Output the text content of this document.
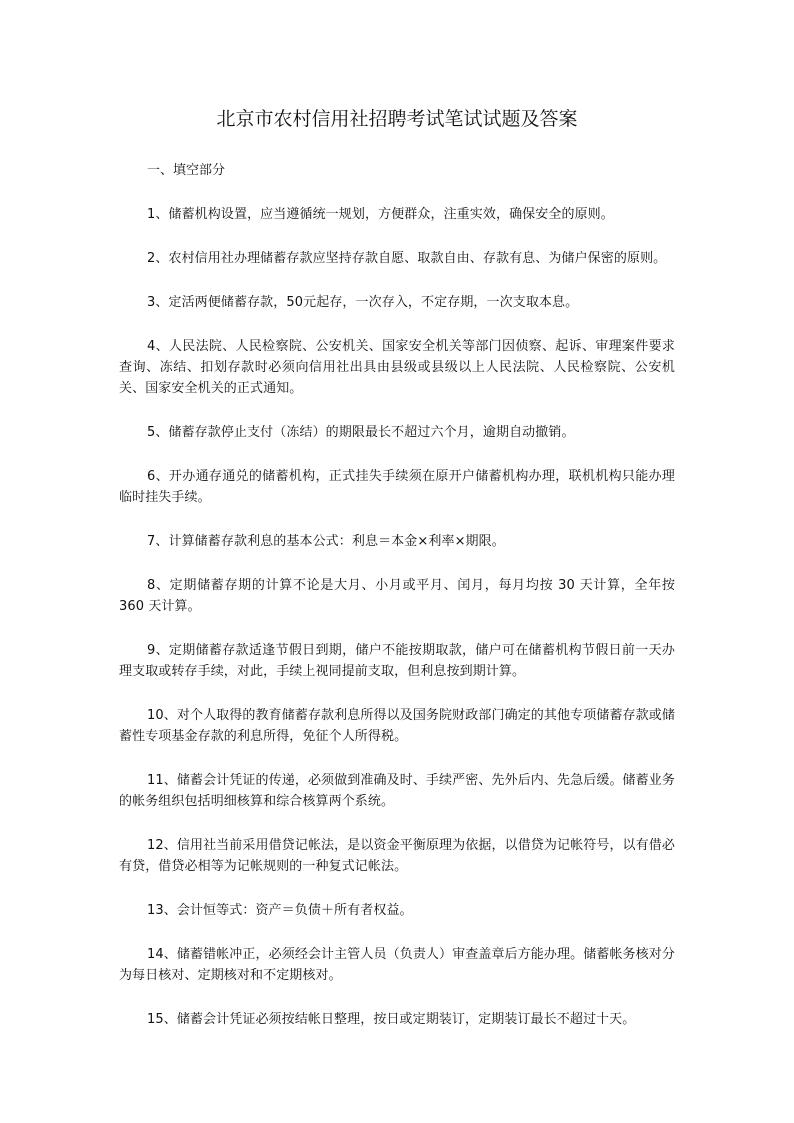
北京市农村信用社招聘考试笔试试题及答案

一、填空部分

1、储蓄机构设置，应当遵循统一规划，方便群众，注重实效，确保安全的原则。

2、农村信用社办理储蓄存款应坚持存款自愿、取款自由、存款有息、为储户保密的原则。

3、定活两便储蓄存款，50元起存，一次存入，不定存期，一次支取本息。

4、人民法院、人民检察院、公安机关、国家安全机关等部门因侦察、起诉、审理案件要求查询、冻结、扣划存款时必须向信用社出具由县级或县级以上人民法院、人民检察院、公安机关、国家安全机关的正式通知。

5、储蓄存款停止支付（冻结）的期限最长不超过六个月，逾期自动撤销。

6、开办通存通兑的储蓄机构，正式挂失手续须在原开户储蓄机构办理，联机机构只能办理临时挂失手续。

7、计算储蓄存款利息的基本公式：利息＝本金×利率×期限。

8、定期储蓄存期的计算不论是大月、小月或平月、闰月，每月均按 30 天计算，全年按 360 天计算。

9、定期储蓄存款适逢节假日到期，储户不能按期取款，储户可在储蓄机构节假日前一天办理支取或转存手续，对此，手续上视同提前支取，但利息按到期计算。

10、对个人取得的教育储蓄存款利息所得以及国务院财政部门确定的其他专项储蓄存款或储蓄性专项基金存款的利息所得，免征个人所得税。

11、储蓄会计凭证的传递，必须做到准确及时、手续严密、先外后内、先急后缓。储蓄业务的帐务组织包括明细核算和综合核算两个系统。

12、信用社当前采用借贷记帐法，是以资金平衡原理为依据，以借贷为记帐符号，以有借必有贷，借贷必相等为记帐规则的一种复式记帐法。

13、会计恒等式：资产＝负债＋所有者权益。

14、储蓄错帐冲正，必须经会计主管人员（负责人）审查盖章后方能办理。储蓄帐务核对分为每日核对、定期核对和不定期核对。

15、储蓄会计凭证必须按结帐日整理，按日或定期装订，定期装订最长不超过十天。
